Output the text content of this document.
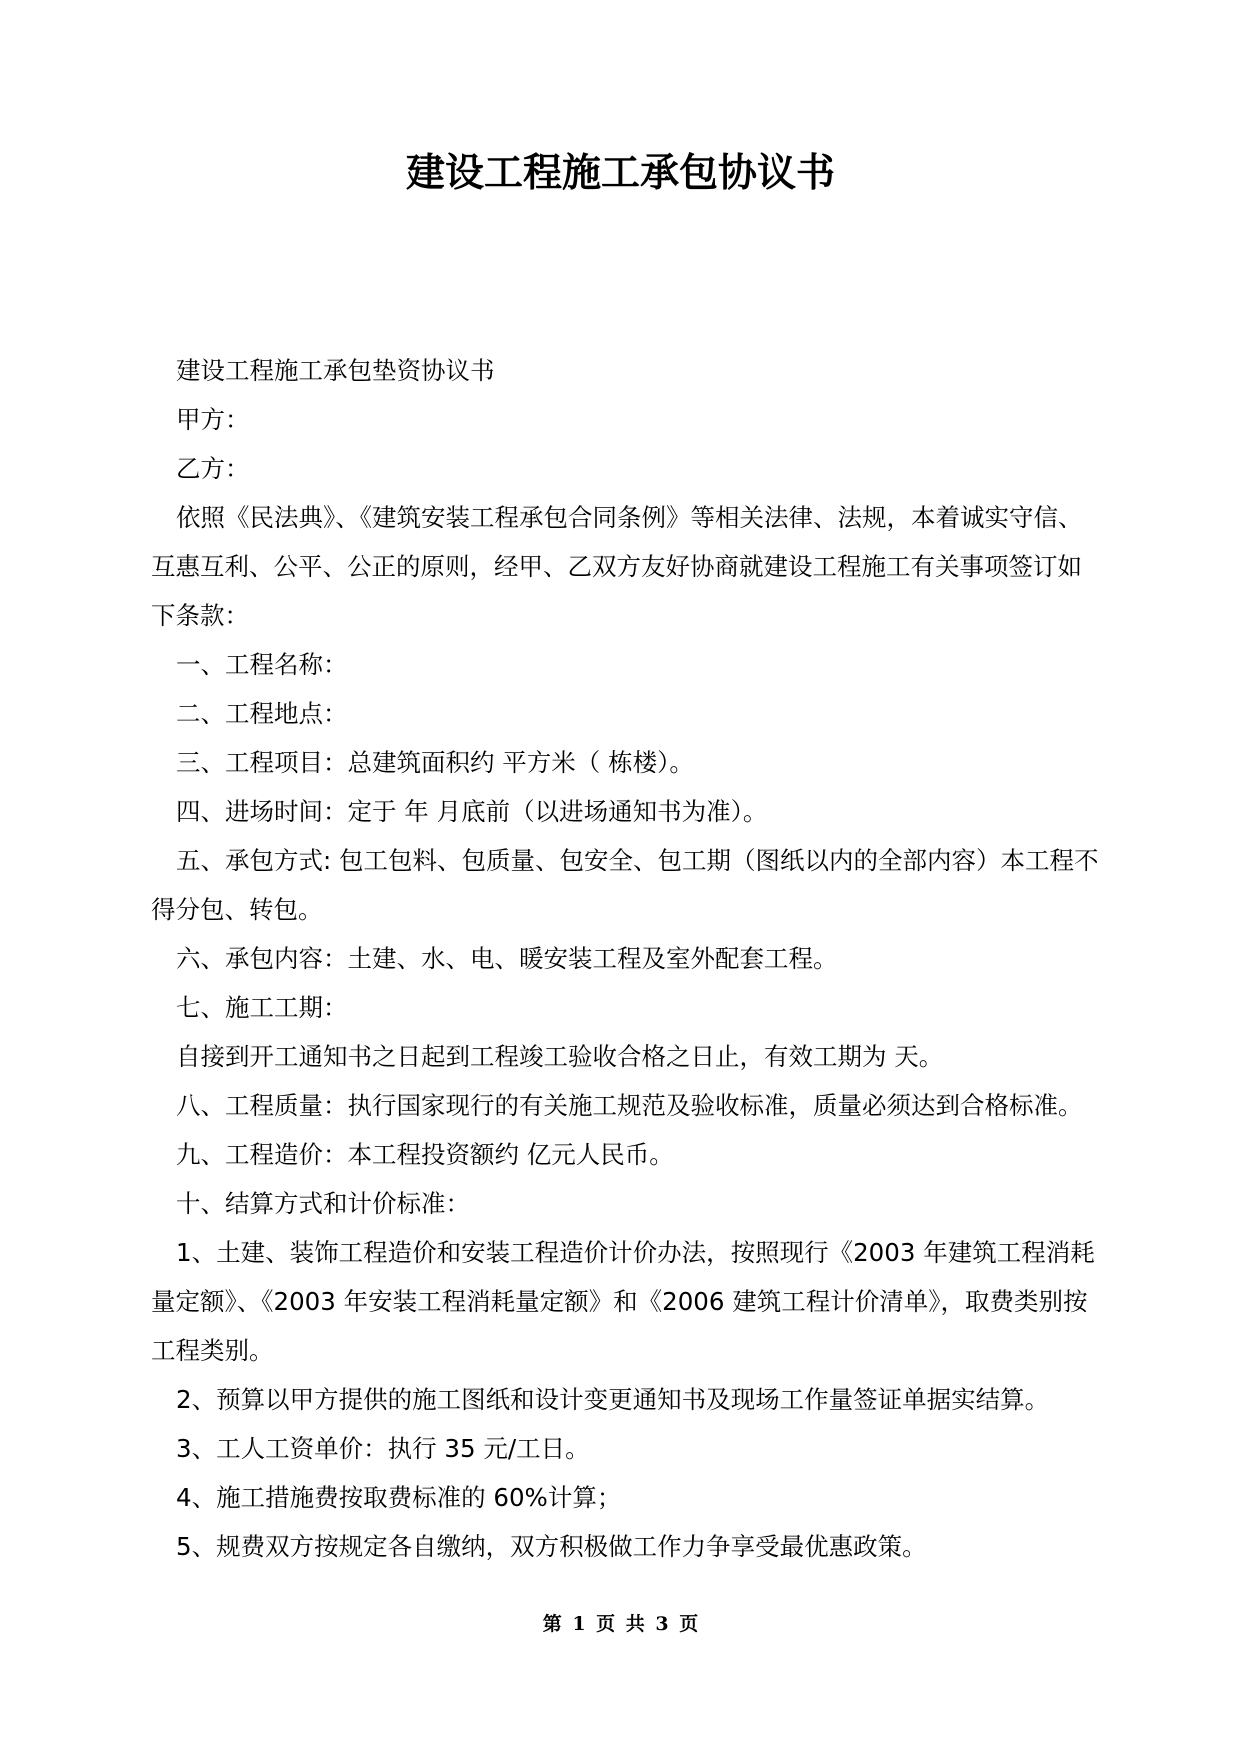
建设工程施工承包协议书

建设工程施工承包垫资协议书

甲方：

乙方：

依照《民法典》、《建筑安装工程承包合同条例》等相关法律、法规，本着诚实守信、互惠互利、公平、公正的原则，经甲、乙双方友好协商就建设工程施工有关事项签订如下条款：

一、工程名称：

二、工程地点：

三、工程项目：总建筑面积约 平方米（ 栋楼）。

四、进场时间：定于 年 月底前（以进场通知书为准）。

五、承包方式: 包工包料、包质量、包安全、包工期（图纸以内的全部内容）本工程不得分包、转包。

六、承包内容：土建、水、电、暖安装工程及室外配套工程。

七、施工工期：

自接到开工通知书之日起到工程竣工验收合格之日止，有效工期为 天。

八、工程质量：执行国家现行的有关施工规范及验收标准，质量必须达到合格标准。

九、工程造价：本工程投资额约 亿元人民币。

十、结算方式和计价标准：

1、土建、装饰工程造价和安装工程造价计价办法，按照现行《2003 年建筑工程消耗量定额》、《2003 年安装工程消耗量定额》和《2006 建筑工程计价清单》，取费类别按工程类别。

2、预算以甲方提供的施工图纸和设计变更通知书及现场工作量签证单据实结算。

3、工人工资单价：执行 35 元/工日。

4、施工措施费按取费标准的 60%计算；

5、规费双方按规定各自缴纳，双方积极做工作力争享受最优惠政策。

第 1 页 共 3 页
